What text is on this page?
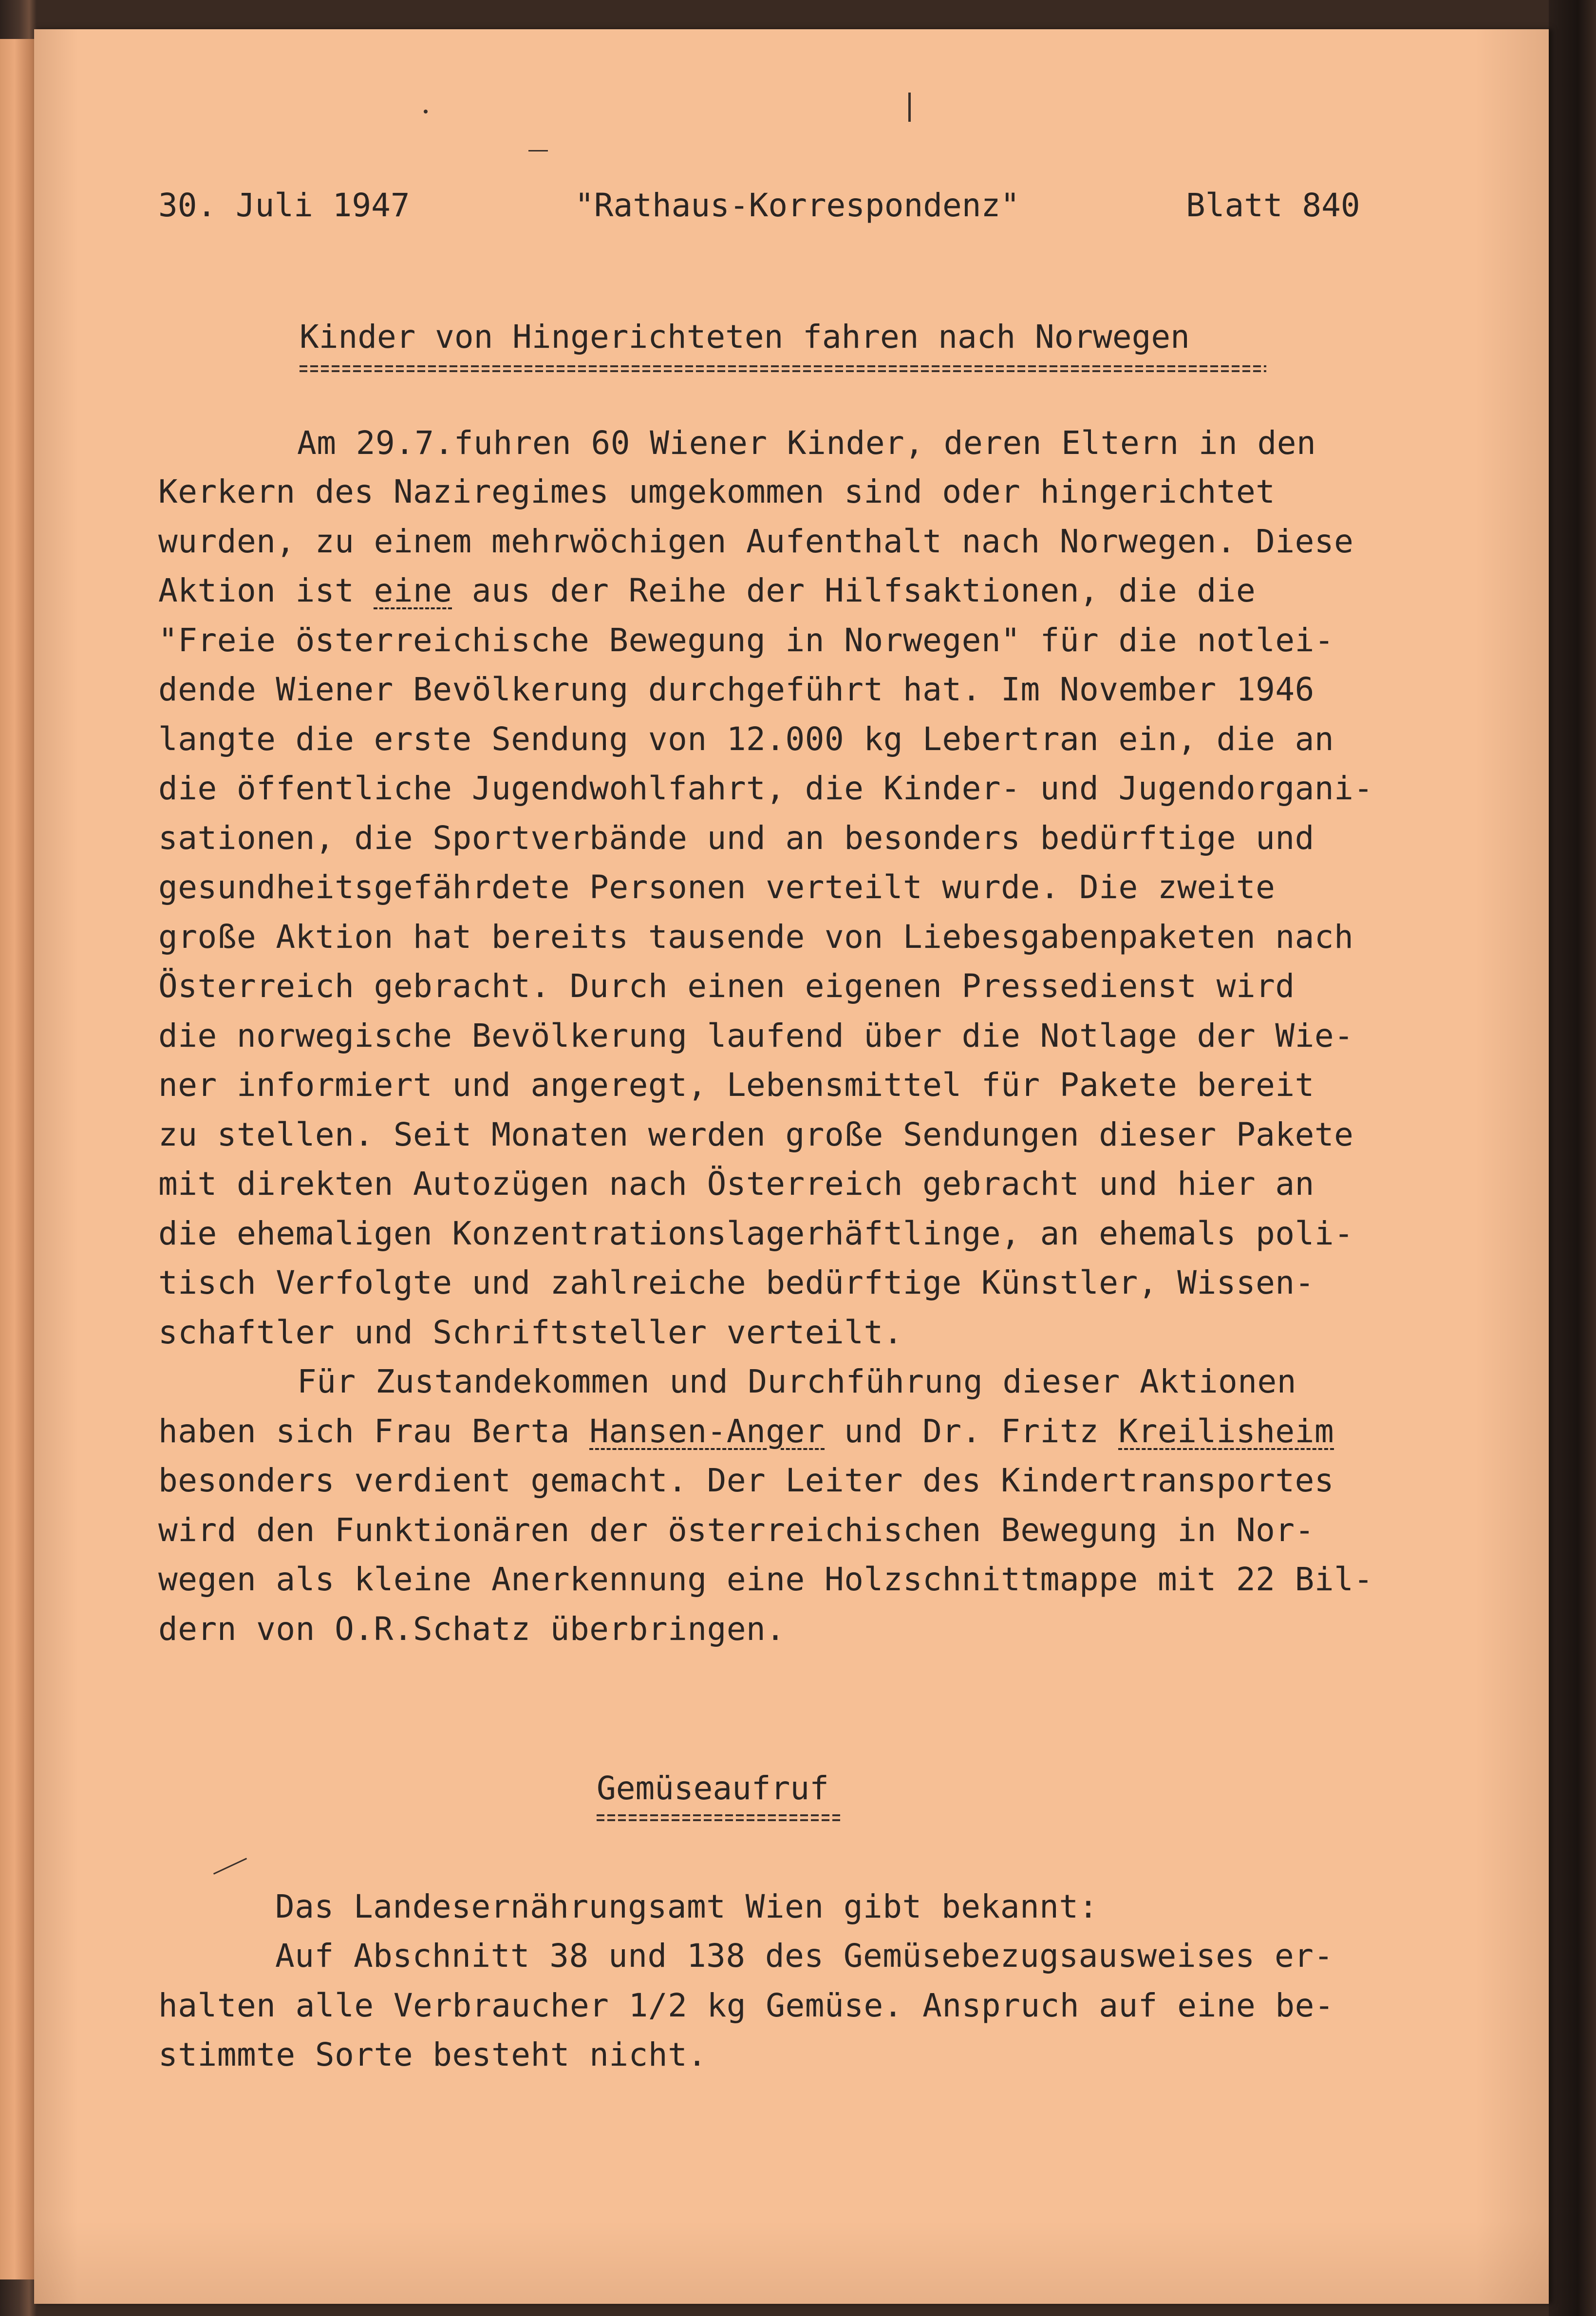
30. Juli 1947	"Rathaus-Korrespondenz"	Blatt 840
Kinder von Hingerichteten fahren nach Norwegen
Am 29.7.fuhren 60 Wiener Kinder, deren Eltern in den
Kerkern des Naziregimes umgekommen sind oder hingerichtet
wurden, zu einem mehrwöchigen Aufenthalt nach Norwegen. Diese
Aktion ist eine aus der Reihe der Hilfsaktionen, die die
"Freie österreichische Bewegung in Norwegen" für die notlei-
dende Wiener Bevölkerung durchgeführt hat. Im November 1946
langte die erste Sendung von 12.000 kg Lebertran ein, die an
die öffentliche Jugendwohlfahrt, die Kinder- und Jugendorgani-
sationen, die Sportverbände und an besonders bedürftige und
gesundheitsgefährdete Personen verteilt wurde. Die zweite
große Aktion hat bereits tausende von Liebesgabenpaketen nach
Österreich gebracht. Durch einen eigenen Pressedienst wird
die norwegische Bevölkerung laufend über die Notlage der Wie-
ner informiert und angeregt, Lebensmittel für Pakete bereit
zu stellen. Seit Monaten werden große Sendungen dieser Pakete
mit direkten Autozügen nach Österreich gebracht und hier an
die ehemaligen Konzentrationslagerhäftlinge, an ehemals poli-
tisch Verfolgte und zahlreiche bedürftige Künstler, Wissen-
schaftler und Schriftsteller verteilt.
Für Zustandekommen und Durchführung dieser Aktionen
haben sich Frau Berta Hansen-Anger und Dr. Fritz Kreilisheim
besonders verdient gemacht. Der Leiter des Kindertransportes
wird den Funktionären der österreichischen Bewegung in Nor-
wegen als kleine Anerkennung eine Holzschnittmappe mit 22 Bil-
dern von O.R.Schatz überbringen.
Gemüseaufruf
Das Landesernährungsamt Wien gibt bekannt:
Auf Abschnitt 38 und 138 des Gemüsebezugsausweises er-
halten alle Verbraucher 1/2 kg Gemüse. Anspruch auf eine be-
stimmte Sorte besteht nicht.
